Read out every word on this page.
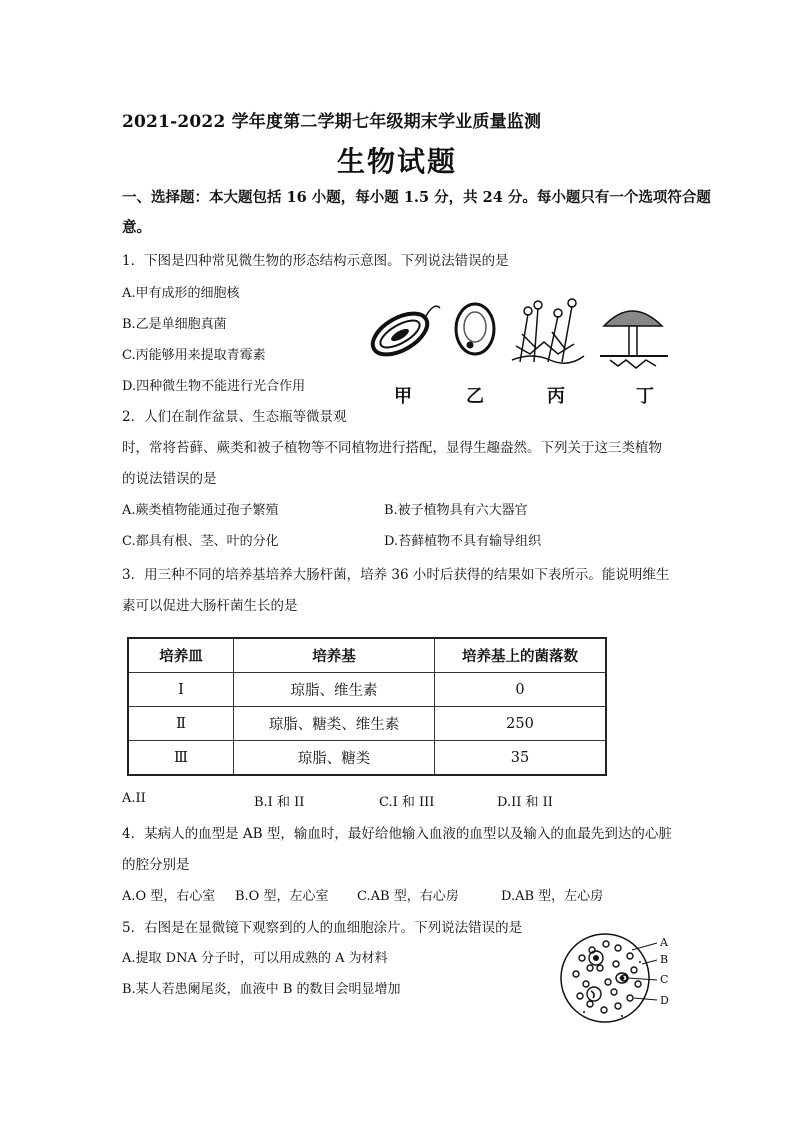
2021-2022 学年度第二学期七年级期末学业质量监测
生物试题
一、选择题：本大题包括 16 小题，每小题 1.5 分，共 24 分。每小题只有一个选项符合题
意。
1．下图是四种常见微生物的形态结构示意图。下列说法错误的是
A.甲有成形的细胞核
B.乙是单细胞真菌
C.丙能够用来提取青霉素
D.四种微生物不能进行光合作用	甲	乙	丙	丁
2．人们在制作盆景、生态瓶等微景观
时，常将苔藓、蕨类和被子植物等不同植物进行搭配，显得生趣盎然。下列关于这三类植物
的说法错误的是
A.蕨类植物能通过孢子繁殖	B.被子植物具有六大器官
C.都具有根、茎、叶的分化	D.苔藓植物不具有输导组织
3．用三种不同的培养基培养大肠杆菌，培养 36 小时后获得的结果如下表所示。能说明维生
素可以促进大肠杆菌生长的是
培养皿	培养基	培养基上的菌落数
Ⅰ	琼脂、维生素	0
Ⅱ	琼脂、糖类、维生素	250
Ⅲ	琼脂、糖类	35
A.II	B.I 和 II	C.I 和 III	D.II 和 II
4．某病人的血型是 AB 型，输血时，最好给他输入血液的血型以及输入的血最先到达的心脏
的腔分别是
A.O 型，右心室 B.O 型，左心室 C.AB 型，右心房	D.AB 型，左心房
5．右图是在显微镜下观察到的人的血细胞涂片。下列说法错误的是
A.提取 DNA 分子时，可以用成熟的 A 为材料
B.某人若患阑尾炎，血液中 B 的数目会明显增加
A
B
C
D
